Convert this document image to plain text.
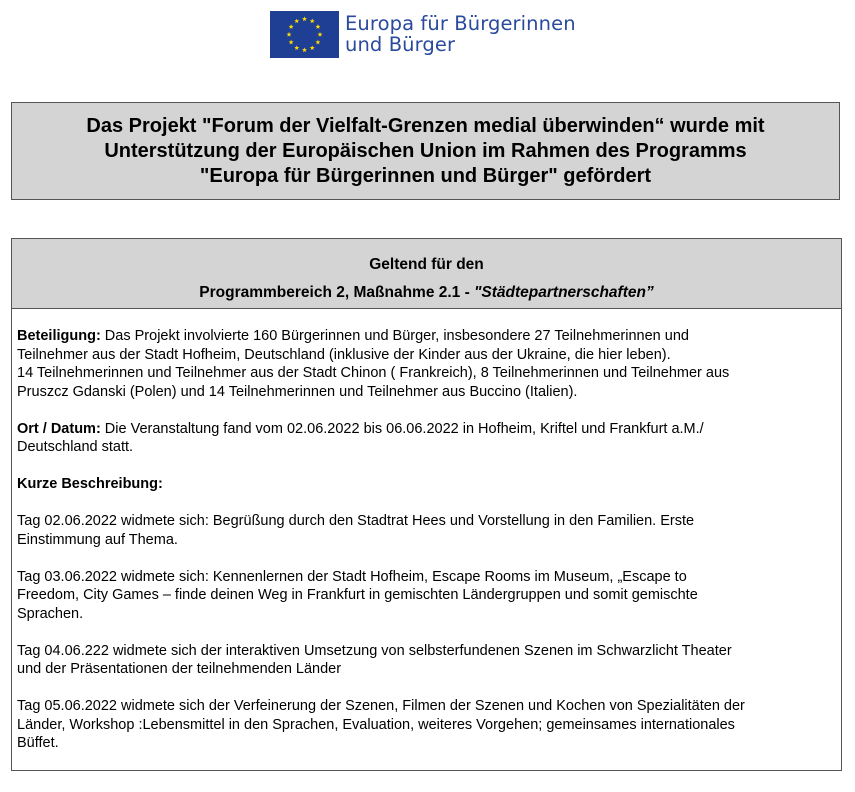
Europa für Bürgerinnen
und Bürger
Das Projekt "Forum der Vielfalt-Grenzen medial überwinden“ wurde mit
Unterstützung der Europäischen Union im Rahmen des Programms
"Europa für Bürgerinnen und Bürger" gefördert
Geltend für den
Programmbereich 2, Maßnahme 2.1 - "Städtepartnerschaften”

Beteiligung: Das Projekt involvierte 160 Bürgerinnen und Bürger, insbesondere 27 Teilnehmerinnen und
Teilnehmer aus der Stadt Hofheim, Deutschland (inklusive der Kinder aus der Ukraine, die hier leben).
14 Teilnehmerinnen und Teilnehmer aus der Stadt Chinon ( Frankreich), 8 Teilnehmerinnen und Teilnehmer aus
Pruszcz Gdanski (Polen) und 14 Teilnehmerinnen und Teilnehmer aus Buccino (Italien).

Ort / Datum: Die Veranstaltung fand vom 02.06.2022 bis 06.06.2022 in Hofheim, Kriftel und Frankfurt a.M./
Deutschland statt.

Kurze Beschreibung:

Tag 02.06.2022 widmete sich: Begrüßung durch den Stadtrat Hees und Vorstellung in den Familien. Erste
Einstimmung auf Thema.

Tag 03.06.2022 widmete sich: Kennenlernen der Stadt Hofheim, Escape Rooms im Museum, „Escape to
Freedom, City Games – finde deinen Weg in Frankfurt in gemischten Ländergruppen und somit gemischte
Sprachen.

Tag 04.06.222 widmete sich der interaktiven Umsetzung von selbsterfundenen Szenen im Schwarzlicht Theater
und der Präsentationen der teilnehmenden Länder

Tag 05.06.2022 widmete sich der Verfeinerung der Szenen, Filmen der Szenen und Kochen von Spezialitäten der
Länder, Workshop :Lebensmittel in den Sprachen, Evaluation, weiteres Vorgehen; gemeinsames internationales
Büffet.
